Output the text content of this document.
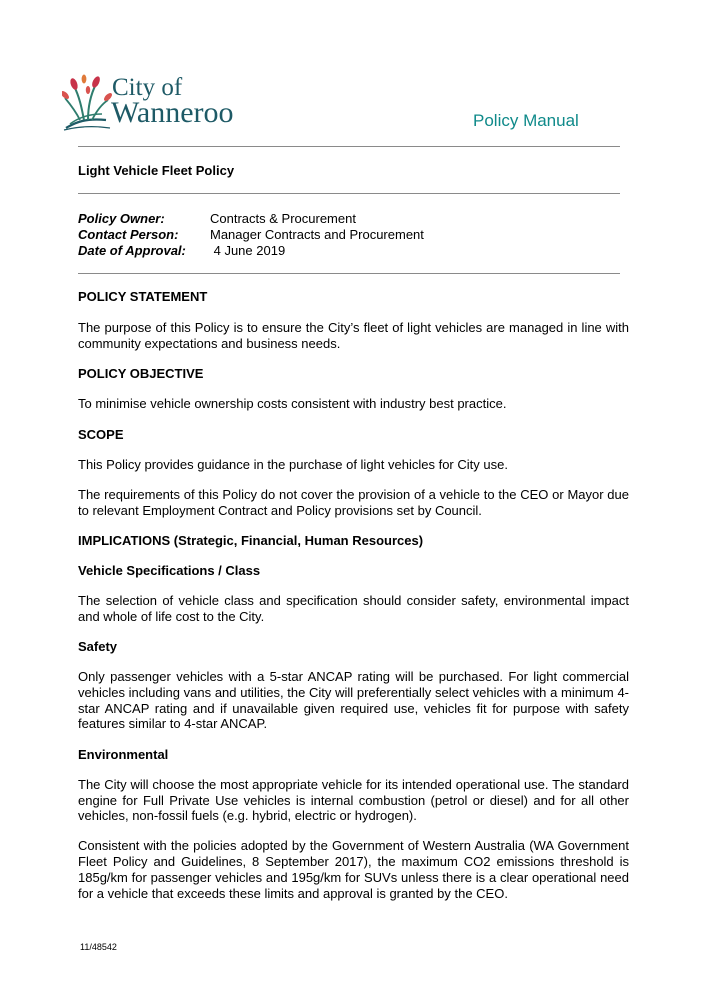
City of
Wanneroo	Policy Manual
Light Vehicle Fleet Policy
Policy Owner:	Contracts & Procurement
Contact Person:	Manager Contracts and Procurement
Date of Approval:	4 June 2019
POLICY STATEMENT

The purpose of this Policy is to ensure the City’s fleet of light vehicles are managed in line with community expectations and business needs.

POLICY OBJECTIVE

To minimise vehicle ownership costs consistent with industry best practice.

SCOPE

This Policy provides guidance in the purchase of light vehicles for City use.

The requirements of this Policy do not cover the provision of a vehicle to the CEO or Mayor due to relevant Employment Contract and Policy provisions set by Council.

IMPLICATIONS (Strategic, Financial, Human Resources)
Vehicle Specifications / Class

The selection of vehicle class and specification should consider safety, environmental impact and whole of life cost to the City.

Safety

Only passenger vehicles with a 5-star ANCAP rating will be purchased. For light commercial vehicles including vans and utilities, the City will preferentially select vehicles with a minimum 4-star ANCAP rating and if unavailable given required use, vehicles fit for purpose with safety features similar to 4-star ANCAP.

Environmental

The City will choose the most appropriate vehicle for its intended operational use. The standard engine for Full Private Use vehicles is internal combustion (petrol or diesel) and for all other vehicles, non-fossil fuels (e.g. hybrid, electric or hydrogen).

Consistent with the policies adopted by the Government of Western Australia (WA Government Fleet Policy and Guidelines, 8 September 2017), the maximum CO2 emissions threshold is 185g/km for passenger vehicles and 195g/km for SUVs unless there is a clear operational need for a vehicle that exceeds these limits and approval is granted by the CEO.

11/48542
